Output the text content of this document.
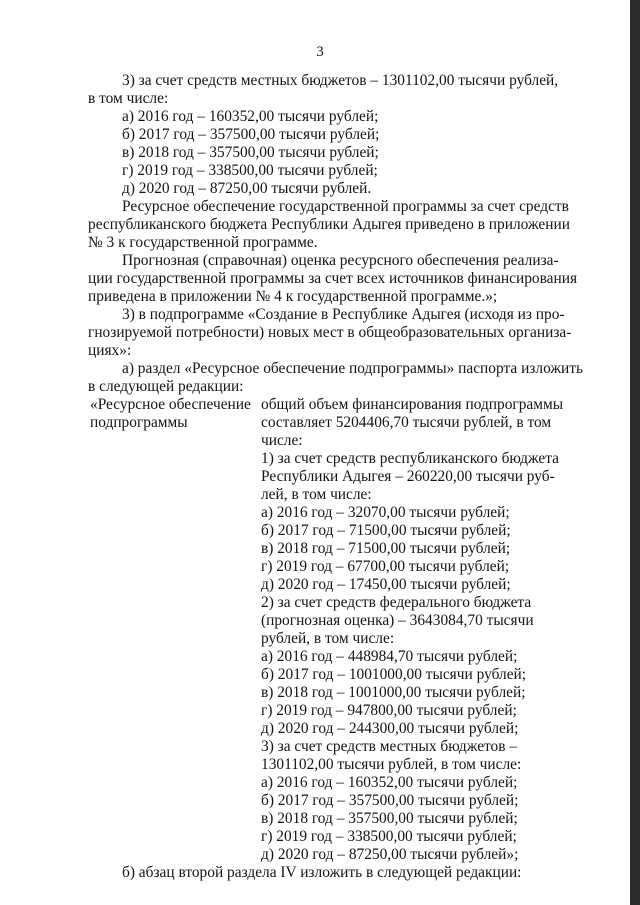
3
3) за счет средств местных бюджетов – 1301102,00 тысячи рублей,
в том числе:
а) 2016 год – 160352,00 тысячи рублей;
б) 2017 год – 357500,00 тысячи рублей;
в) 2018 год – 357500,00 тысячи рублей;
г) 2019 год – 338500,00 тысячи рублей;
д) 2020 год – 87250,00 тысячи рублей.
Ресурсное обеспечение государственной программы за счет средств
республиканского бюджета Республики Адыгея приведено в приложении
№ 3 к государственной программе.
Прогнозная (справочная) оценка ресурсного обеспечения реализа-
ции государственной программы за счет всех источников финансирования
приведена в приложении № 4 к государственной программе.»;
3) в подпрограмме «Создание в Республике Адыгея (исходя из про-
гнозируемой потребности) новых мест в общеобразовательных организа-
циях»:
а) раздел «Ресурсное обеспечение подпрограммы» паспорта изложить
в следующей редакции:
«Ресурсное обеспечение
подпрограммы
общий объем финансирования подпрограммы
составляет 5204406,70 тысячи рублей, в том
числе:
1) за счет средств республиканского бюджета
Республики Адыгея – 260220,00 тысячи руб-
лей, в том числе:
а) 2016 год – 32070,00 тысячи рублей;
б) 2017 год – 71500,00 тысячи рублей;
в) 2018 год – 71500,00 тысячи рублей;
г) 2019 год – 67700,00 тысячи рублей;
д) 2020 год – 17450,00 тысячи рублей;
2) за счет средств федерального бюджета
(прогнозная оценка) – 3643084,70 тысячи
рублей, в том числе:
а) 2016 год – 448984,70 тысячи рублей;
б) 2017 год – 1001000,00 тысячи рублей;
в) 2018 год – 1001000,00 тысячи рублей;
г) 2019 год – 947800,00 тысячи рублей;
д) 2020 год – 244300,00 тысячи рублей;
3) за счет средств местных бюджетов –
1301102,00 тысячи рублей, в том числе:
а) 2016 год – 160352,00 тысячи рублей;
б) 2017 год – 357500,00 тысячи рублей;
в) 2018 год – 357500,00 тысячи рублей;
г) 2019 год – 338500,00 тысячи рублей;
д) 2020 год – 87250,00 тысячи рублей»;
б) абзац второй раздела IV изложить в следующей редакции:
